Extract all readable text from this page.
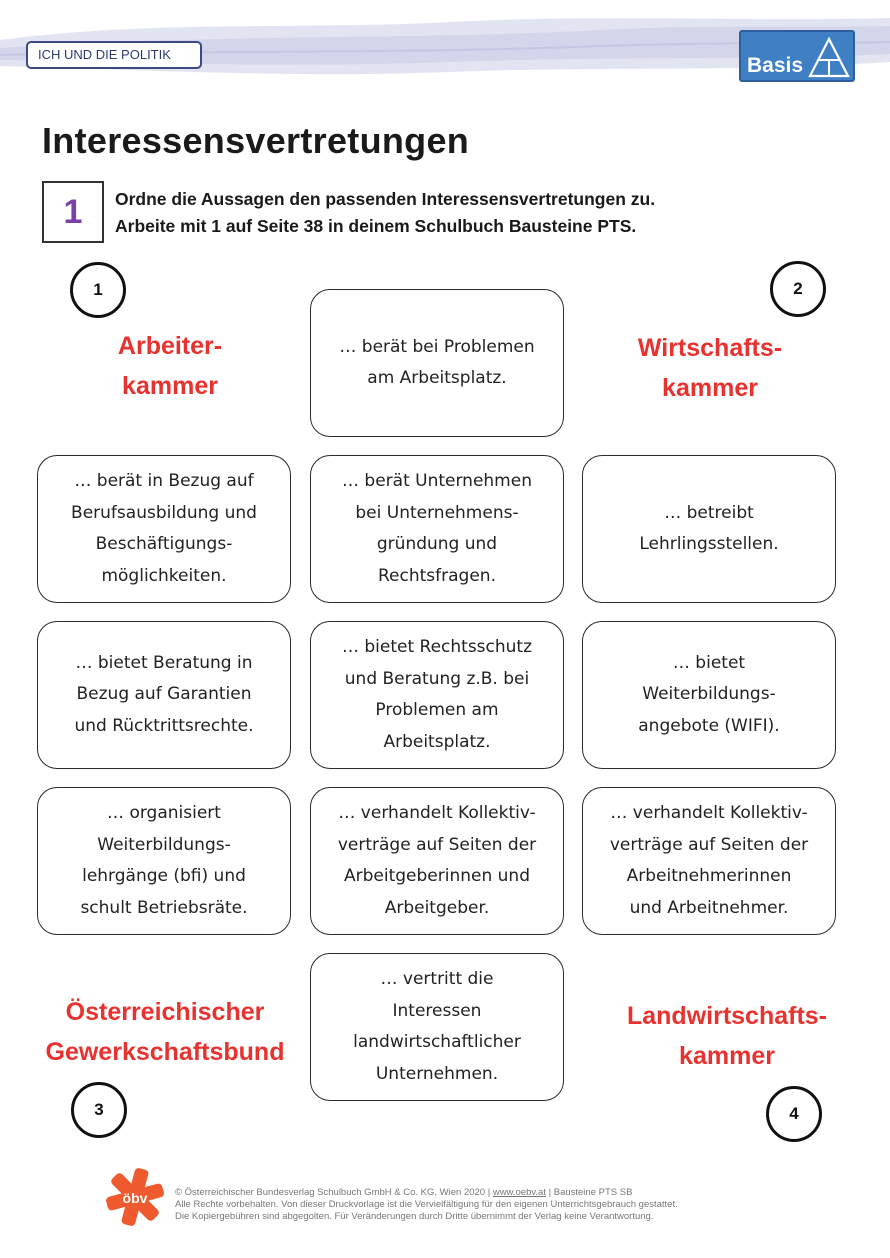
ICH UND DIE POLITIK	Basis
Interessensvertretungen
1	Ordne die Aussagen den passenden Interessensvertretungen zu.
Arbeite mit 1 auf Seite 38 in deinem Schulbuch Bausteine PTS.
1	2
3	4
Arbeiter-
kammer
Wirtschafts-
kammer
Österreichischer
Gewerkschaftsbund
Landwirtschafts-
kammer
… berät bei Problemen
am Arbeitsplatz.
… berät in Bezug auf
Berufsausbildung und
Beschäftigungs-
möglichkeiten.
… berät Unternehmen
bei Unternehmens-
gründung und
Rechtsfragen.
… betreibt
Lehrlingsstellen.
… bietet Beratung in
Bezug auf Garantien
und Rücktrittsrechte.
… bietet Rechtsschutz
und Beratung z.B. bei
Problemen am
Arbeitsplatz.
… bietet
Weiterbildungs-
angebote (WIFI).
… organisiert
Weiterbildungs-
lehrgänge (bfi) und
schult Betriebsräte.
… verhandelt Kollektiv-
verträge auf Seiten der
Arbeitgeberinnen und
Arbeitgeber.
… verhandelt Kollektiv-
verträge auf Seiten der
Arbeitnehmerinnen
und Arbeitnehmer.
… vertritt die
Interessen
landwirtschaftlicher
Unternehmen.
öbv	© Österreichischer Bundesverlag Schulbuch GmbH & Co. KG, Wien 2020 | www.oebv.at | Bausteine PTS SB
Alle Rechte vorbehalten. Von dieser Druckvorlage ist die Vervielfältigung für den eigenen Unterrichtsgebrauch gestattet.
Die Kopiergebühren sind abgegolten. Für Veränderungen durch Dritte übernimmt der Verlag keine Verantwortung.
